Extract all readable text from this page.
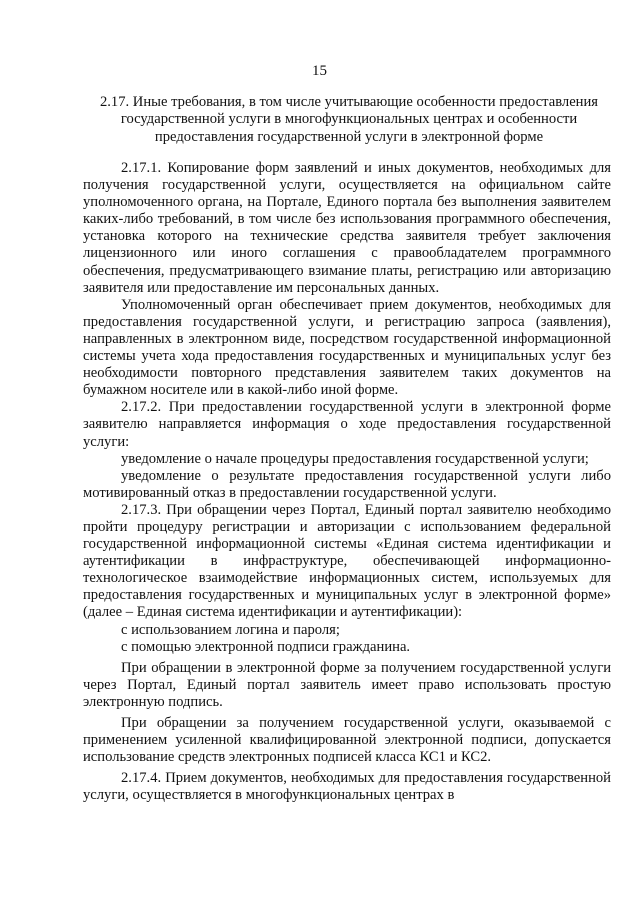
15
2.17. Иные требования, в том числе учитывающие особенности предоставления государственной услуги в многофункциональных центрах и особенности предоставления государственной услуги в электронной форме

2.17.1. Копирование форм заявлений и иных документов, необходимых для получения государственной услуги, осуществляется на официальном сайте уполномоченного органа, на Портале, Единого портала без выполнения заявителем каких-либо требований, в том числе без использования программного обеспечения, установка которого на технические средства заявителя требует заключения лицензионного или иного соглашения с правообладателем программного обеспечения, предусматривающего взимание платы, регистрацию или авторизацию заявителя или предоставление им персональных данных.

Уполномоченный орган обеспечивает прием документов, необходимых для предоставления государственной услуги, и регистрацию запроса (заявления), направленных в электронном виде, посредством государственной информационной системы учета хода предоставления государственных и муниципальных услуг без необходимости повторного представления заявителем таких документов на бумажном носителе или в какой-либо иной форме.

2.17.2. При предоставлении государственной услуги в электронной форме заявителю направляется информация о ходе предоставления государственной услуги:

уведомление о начале процедуры предоставления государственной услуги;

уведомление о результате предоставления государственной услуги либо мотивированный отказ в предоставлении государственной услуги.

2.17.3. При обращении через Портал, Единый портал заявителю необходимо пройти процедуру регистрации и авторизации с использованием федеральной государственной информационной системы «Единая система идентификации и аутентификации в инфраструктуре, обеспечивающей информационно-технологическое взаимодействие информационных систем, используемых для предоставления государственных и муниципальных услуг в электронной форме» (далее – Единая система идентификации и аутентификации):

с использованием логина и пароля;

с помощью электронной подписи гражданина.

При обращении в электронной форме за получением государственной услуги через Портал, Единый портал заявитель имеет право использовать простую электронную подпись.

При обращении за получением государственной услуги, оказываемой с применением усиленной квалифицированной электронной подписи, допускается использование средств электронных подписей класса КС1 и КС2.

2.17.4. Прием документов, необходимых для предоставления государственной услуги, осуществляется в многофункциональных центрах в
